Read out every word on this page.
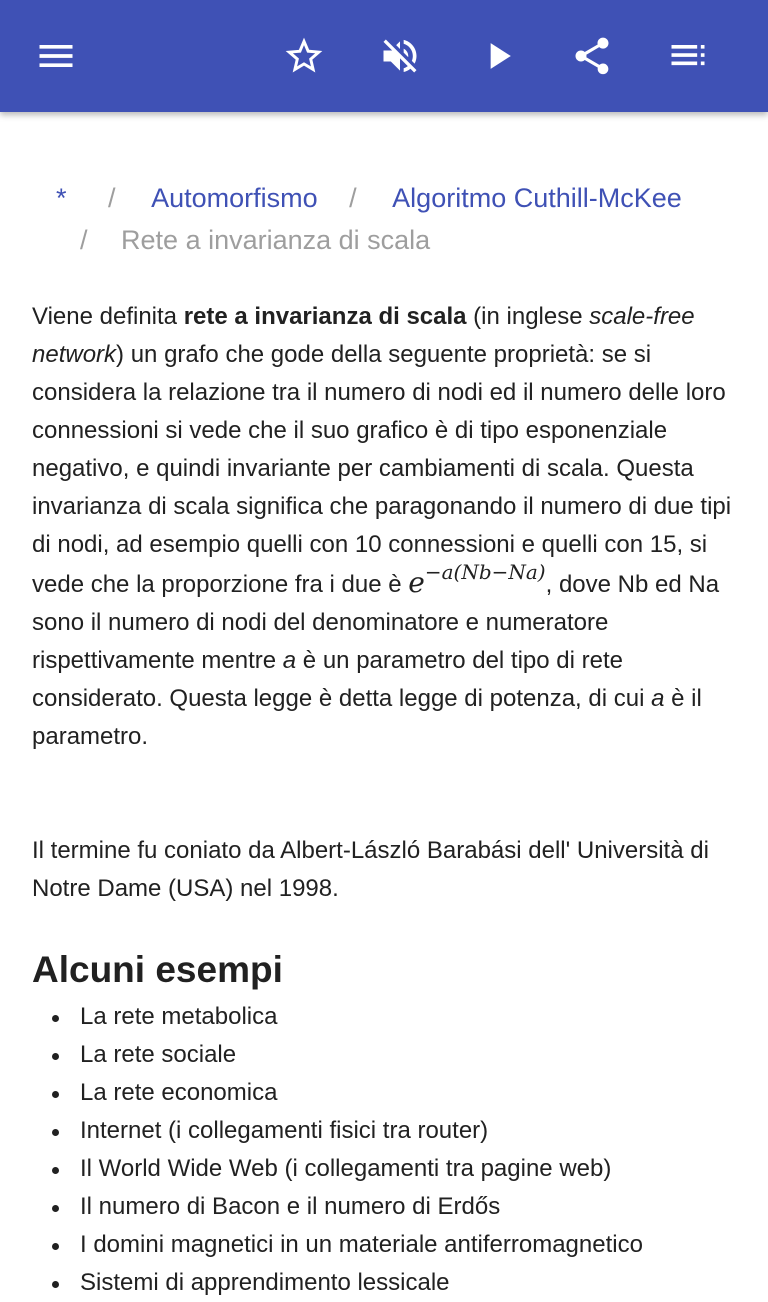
* / Automorfismo / Algoritmo Cuthill-McKee
/ Rete a invarianza di scala

Viene definita rete a invarianza di scala (in inglese scale-free network) un grafo che gode della seguente proprietà: se si considera la relazione tra il numero di nodi ed il numero delle loro connessioni si vede che il suo grafico è di tipo esponenziale negativo, e quindi invariante per cambiamenti di scala. Questa invarianza di scala significa che paragonando il numero di due tipi di nodi, ad esempio quelli con 10 connessioni e quelli con 15, si vede che la proporzione fra i due è $e^{-a(Nb-Na)}$, dove Nb ed Na sono il numero di nodi del denominatore e numeratore rispettivamente mentre a è un parametro del tipo di rete considerato. Questa legge è detta legge di potenza, di cui a è il parametro.

Il termine fu coniato da Albert-László Barabási dell' Università di Notre Dame (USA) nel 1998.

Alcuni esempi
La rete metabolica
La rete sociale
La rete economica
Internet (i collegamenti fisici tra router)
Il World Wide Web (i collegamenti tra pagine web)
Il numero di Bacon e il numero di Erdős
I domini magnetici in un materiale antiferromagnetico
Sistemi di apprendimento lessicale
